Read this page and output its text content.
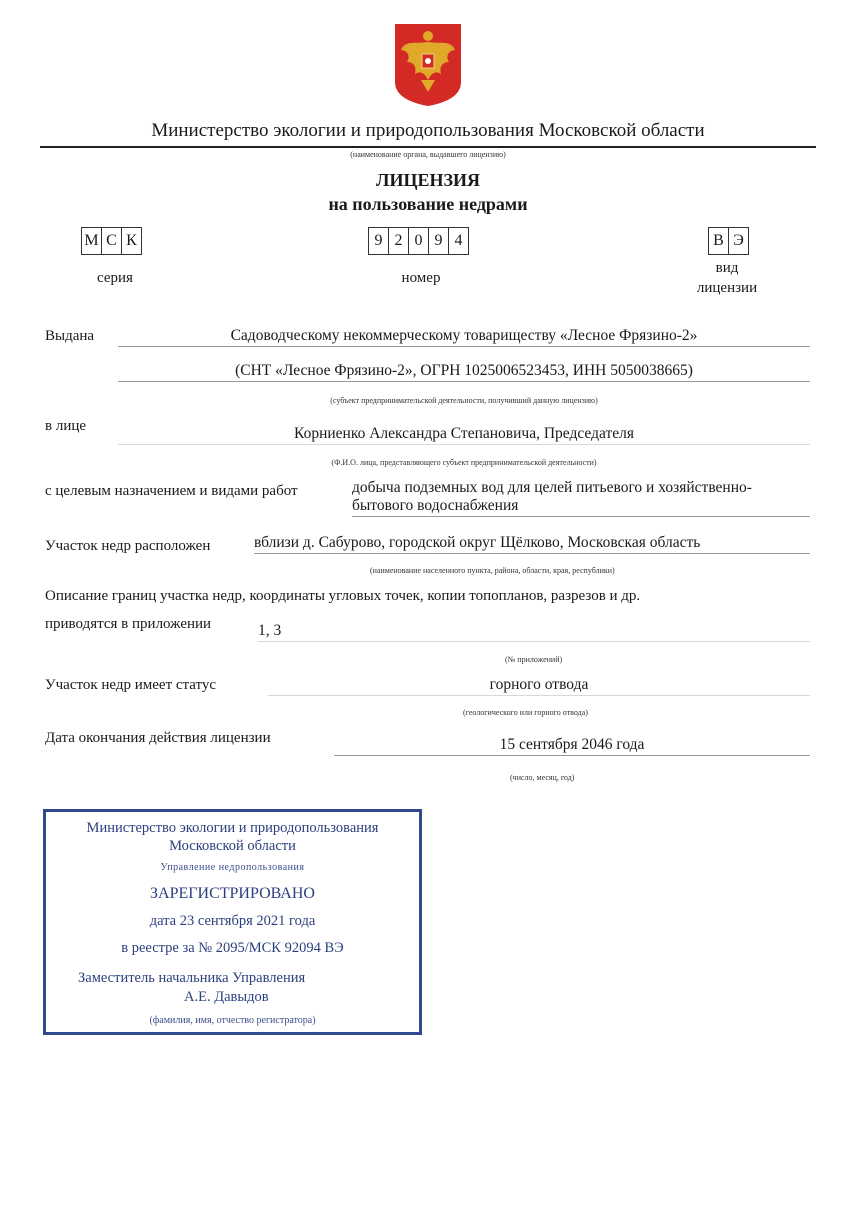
Министерство экологии и природопользования Московской области
(наименование органа, выдавшего лицензию)
ЛИЦЕНЗИЯ
на пользование недрами
М С К
серия
9 2 0 9 4
номер
В Э
вид
лицензии
Выдана	Садоводческому некоммерческому товариществу «Лесное Фрязино-2»
(СНТ «Лесное Фрязино-2», ОГРН 1025006523453, ИНН 5050038665)
(субъект предпринимательской деятельности, получивший данную лицензию)
в лице	Корниенко Александра Степановича, Председателя
(Ф.И.О. лица, представляющего субъект предпринимательской деятельности)
с целевым назначением и видами работ	добыча подземных вод для целей питьевого и хозяйственно-
бытового водоснабжения
Участок недр расположен	вблизи д. Сабурово, городской округ Щёлково, Московская область
(наименование населенного пункта, района, области, края, республики)
Описание границ участка недр, координаты угловых точек, копии топопланов, разрезов и др.
приводятся в приложении	1, 3
(№ приложений)
Участок недр имеет статус	горного отвода
(геологического или горного отвода)
Дата окончания действия лицензии	15 сентября 2046 года
(число, месяц, год)
Министерство экологии и природопользования
Московской области
Управление недропользования
ЗАРЕГИСТРИРОВАНО
дата 23 сентября 2021 года
в реестре за № 2095/МСК 92094 ВЭ
Заместитель начальника Управления
А.Е. Давыдов
(фамилия, имя, отчество регистратора)
